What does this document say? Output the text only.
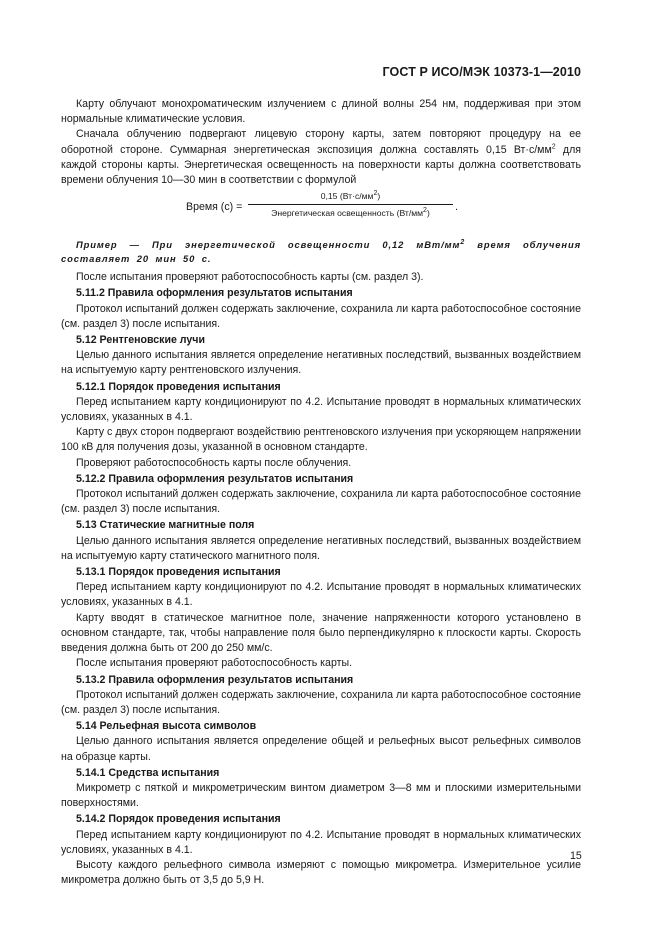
ГОСТ Р ИСО/МЭК 10373-1—2010

Карту облучают монохроматическим излучением с длиной волны 254 нм, поддерживая при этом нормальные климатические условия.

Сначала облучению подвергают лицевую сторону карты, затем повторяют процедуру на ее оборотной стороне. Суммарная энергетическая экспозиция должна составлять 0,15 $Вт\cdot с/мм^2$ для каждой стороны карты. Энергетическая освещенность на поверхности карты должна соответствовать времени облучения 10—30 мин в соответствии с формулой

Время (с) =
0,15 $(Вт\cdot с/мм^2)$
Энергетическая освещенность $(Вт/мм^2)$	.

Пример — При энергетической освещенности 0,12 мВт/$мм^2$ время облучения составляет 20 мин 50 с.

После испытания проверяют работоспособность карты (см. раздел 3).

5.11.2 Правила оформления результатов испытания

Протокол испытаний должен содержать заключение, сохранила ли карта работоспособное состояние (см. раздел 3) после испытания.

5.12 Рентгеновские лучи

Целью данного испытания является определение негативных последствий, вызванных воздействием на испытуемую карту рентгеновского излучения.

5.12.1 Порядок проведения испытания

Перед испытанием карту кондиционируют по 4.2. Испытание проводят в нормальных климатических условиях, указанных в 4.1.

Карту с двух сторон подвергают воздействию рентгеновского излучения при ускоряющем напряжении 100 кВ для получения дозы, указанной в основном стандарте.

Проверяют работоспособность карты после облучения.

5.12.2 Правила оформления результатов испытания

Протокол испытаний должен содержать заключение, сохранила ли карта работоспособное состояние (см. раздел 3) после испытания.

5.13 Статические магнитные поля

Целью данного испытания является определение негативных последствий, вызванных воздействием на испытуемую карту статического магнитного поля.

5.13.1 Порядок проведения испытания

Перед испытанием карту кондиционируют по 4.2. Испытание проводят в нормальных климатических условиях, указанных в 4.1.

Карту вводят в статическое магнитное поле, значение напряженности которого установлено в основном стандарте, так, чтобы направление поля было перпендикулярно к плоскости карты. Скорость введения должна быть от 200 до 250 мм/с.

После испытания проверяют работоспособность карты.

5.13.2 Правила оформления результатов испытания

Протокол испытаний должен содержать заключение, сохранила ли карта работоспособное состояние (см. раздел 3) после испытания.

5.14 Рельефная высота символов

Целью данного испытания является определение общей и рельефных высот рельефных символов на образце карты.

5.14.1 Средства испытания

Микрометр с пяткой и микрометрическим винтом диаметром 3—8 мм и плоскими измерительными поверхностями.

5.14.2 Порядок проведения испытания

Перед испытанием карту кондиционируют по 4.2. Испытание проводят в нормальных климатических условиях, указанных в 4.1.

Высоту каждого рельефного символа измеряют с помощью микрометра. Измерительное усилие микрометра должно быть от 3,5 до 5,9 Н.

15
